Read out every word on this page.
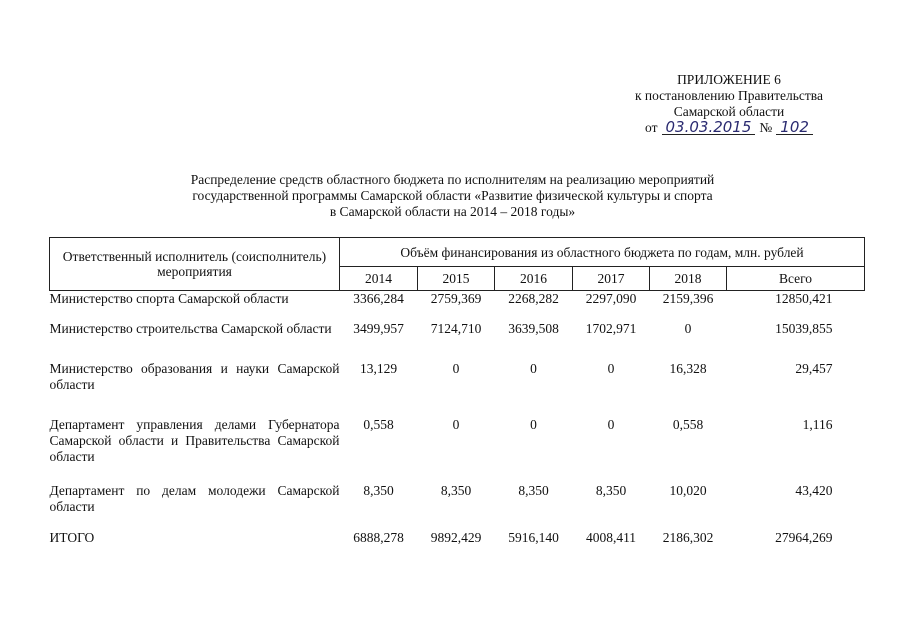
ПРИЛОЖЕНИЕ 6
к постановлению Правительства
Самарской области
от 03.03.2015 № 102
Распределение средств областного бюджета по исполнителям на реализацию мероприятий
государственной программы Самарской области «Развитие физической культуры и спорта
в Самарской области на 2014 – 2018 годы»
Ответственный исполнитель (соисполнитель) мероприятия	Объём финансирования из областного бюджета по годам, млн. рублей					
	2014	2015	2016	2017	2018	Всего
Министерство спорта Самарской области	3366,284	2759,369	2268,282	2297,090	2159,396	12850,421
Министерство строительства Самарской области	3499,957	7124,710	3639,508	1702,971	0	15039,855
Министерство образования и науки Самарской области	13,129	0	0	0	16,328	29,457
Департамент управления делами Губернатора Самарской области и Правительства Самарской области	0,558	0	0	0	0,558	1,116
Департамент по делам молодежи Самарской области	8,350	8,350	8,350	8,350	10,020	43,420
ИТОГО	6888,278	9892,429	5916,140	4008,411	2186,302	27964,269
